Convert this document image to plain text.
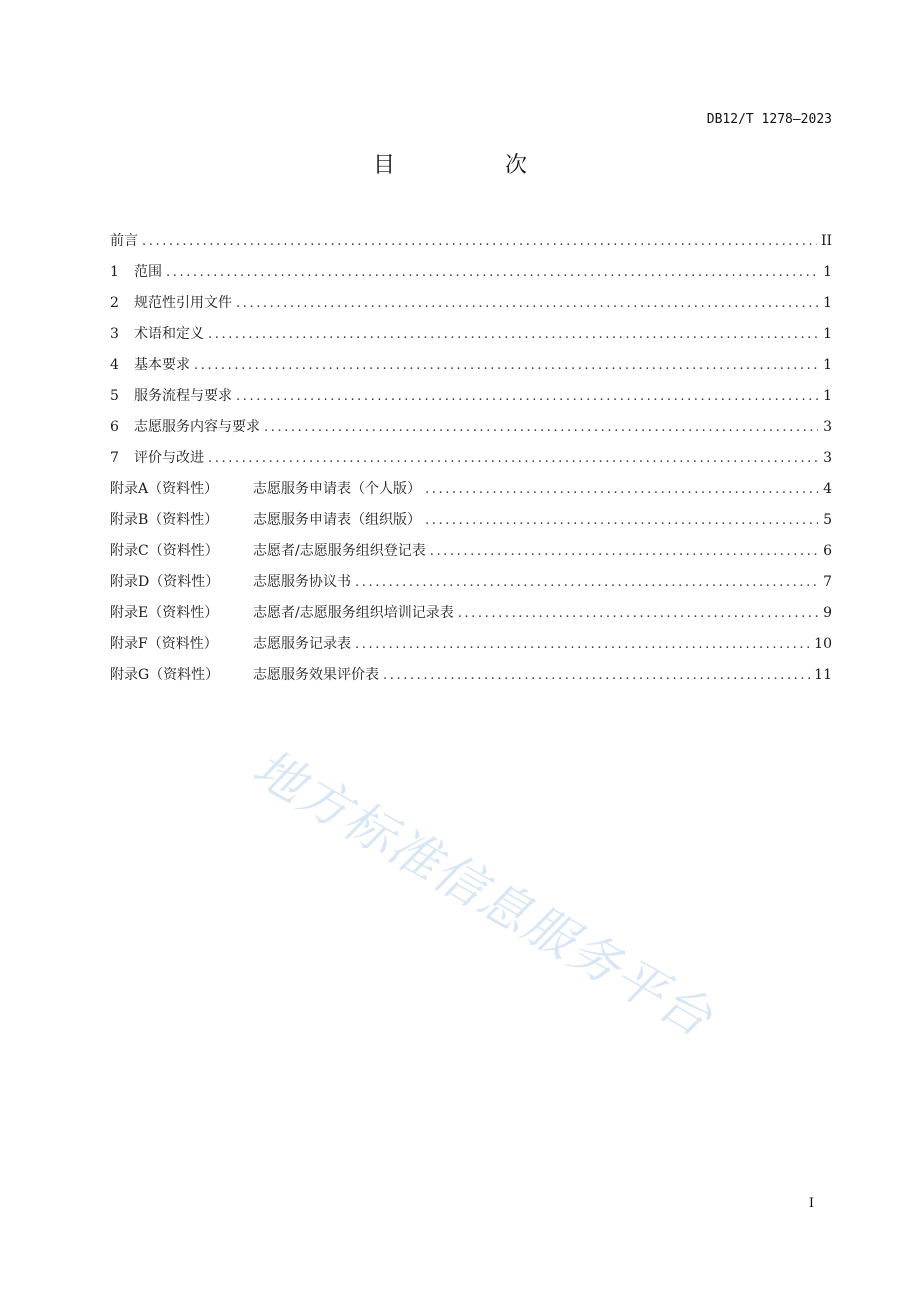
DB12/T 1278—2023
目　次
前言 .....	II
1	范围 .....	1
2	规范性引用文件 .....	1
3	术语和定义 .....	1
4	基本要求 .....	1
5	服务流程与要求 .....	1
6	志愿服务内容与要求 .....	3
7	评价与改进 .....	3
附录A（资料性）	志愿服务申请表（个人版） .....	4
附录B（资料性）	志愿服务申请表（组织版） .....	5
附录C（资料性）	志愿者/志愿服务组织登记表 .....	6
附录D（资料性）	志愿服务协议书 .....	7
附录E（资料性）	志愿者/志愿服务组织培训记录表 .....	9
附录F（资料性）	志愿服务记录表 .....	10
附录G（资料性）	志愿服务效果评价表 .....	11
地方标准信息服务平台
I
